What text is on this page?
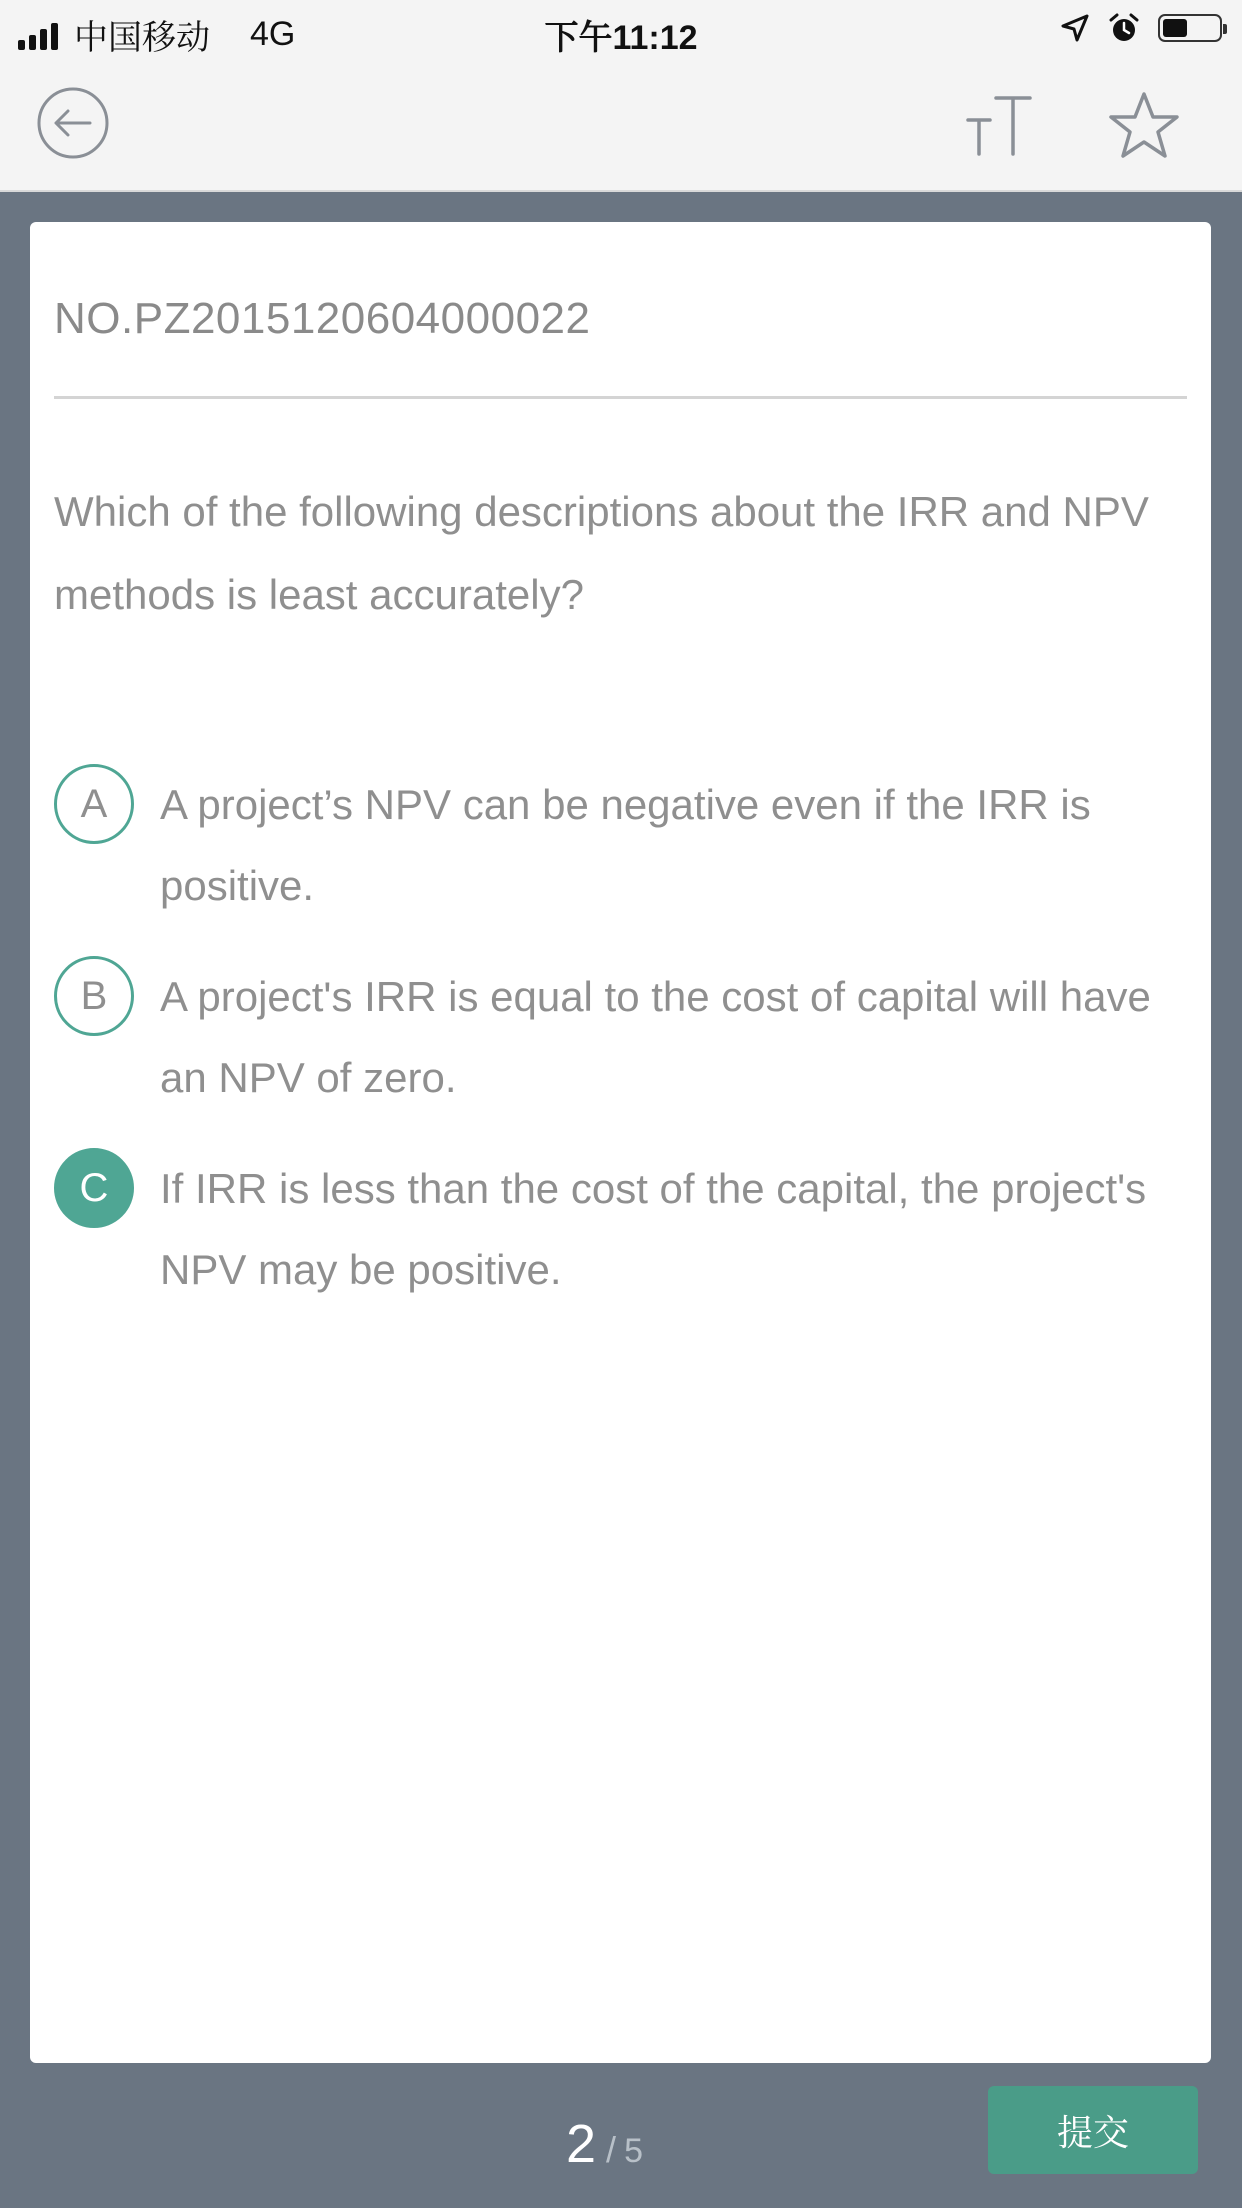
中国移动 4G	下午11:12
NO.PZ2015120604000022
Which of the following descriptions about the IRR and NPV methods is least accurately?
A	A project’s NPV can be negative even if the IRR is positive.
B	A project's IRR is equal to the cost of capital will have an NPV of zero.
C	If IRR is less than the cost of the capital, the project's NPV may be positive.
2 / 5	提交
